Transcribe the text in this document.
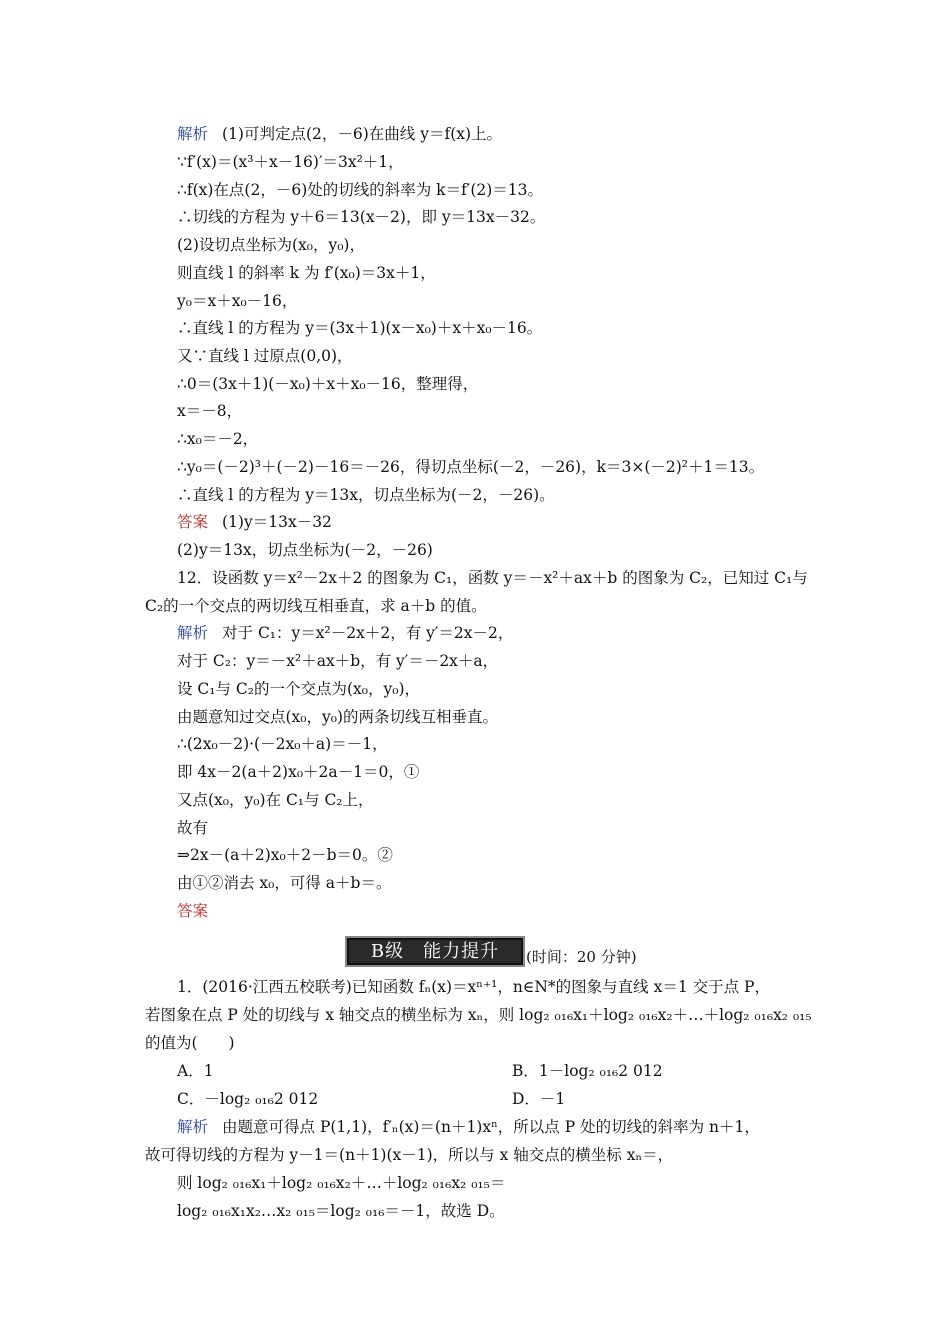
解析 (1)可判定点(2，－6)在曲线 y＝f(x)上。
∵f′(x)＝(x³＋x－16)′＝3x²＋1，
∴f(x)在点(2，－6)处的切线的斜率为 k＝f′(2)＝13。
∴切线的方程为 y＋6＝13(x－2)，即 y＝13x－32。
(2)设切点坐标为(x₀，y₀)，
则直线 l 的斜率 k 为 f′(x₀)＝3x＋1，
y₀＝x＋x₀－16，
∴直线 l 的方程为 y＝(3x＋1)(x－x₀)＋x＋x₀－16。
又∵直线 l 过原点(0,0)，
∴0＝(3x＋1)(－x₀)＋x＋x₀－16，整理得，
x＝－8，
∴x₀＝－2，
∴y₀＝(－2)³＋(－2)－16＝－26，得切点坐标(－2，－26)，k＝3×(－2)²＋1＝13。
∴直线 l 的方程为 y＝13x，切点坐标为(－2，－26)。
答案 (1)y＝13x－32
(2)y＝13x，切点坐标为(－2，－26)
12．设函数 y＝x²－2x＋2 的图象为 C₁，函数 y＝－x²＋ax＋b 的图象为 C₂，已知过 C₁与
C₂的一个交点的两切线互相垂直，求 a＋b 的值。
解析 对于 C₁：y＝x²－2x＋2，有 y′＝2x－2，
对于 C₂：y＝－x²＋ax＋b，有 y′＝－2x＋a，
设 C₁与 C₂的一个交点为(x₀，y₀)，
由题意知过交点(x₀，y₀)的两条切线互相垂直。
∴(2x₀－2)·(－2x₀＋a)＝－1，
即 4x－2(a＋2)x₀＋2a－1＝0，①
又点(x₀，y₀)在 C₁与 C₂上，
故有
⇒2x－(a＋2)x₀＋2－b＝0。②
由①②消去 x₀，可得 a＋b＝。
答案
B级　能力提升	(时间：20 分钟)
1．(2016·江西五校联考)已知函数 fₙ(x)＝xⁿ⁺¹，n∈N*的图象与直线 x＝1 交于点 P，
若图象在点 P 处的切线与 x 轴交点的横坐标为 xₙ，则 log₂ ₀₁₆x₁＋log₂ ₀₁₆x₂＋…＋log₂ ₀₁₆x₂ ₀₁₅
的值为(　　)
A．1	B．1－log₂ ₀₁₆2 012
C．－log₂ ₀₁₆2 012	D．－1
解析 由题意可得点 P(1,1)，f′ₙ(x)＝(n＋1)xⁿ，所以点 P 处的切线的斜率为 n＋1，
故可得切线的方程为 y－1＝(n＋1)(x－1)，所以与 x 轴交点的横坐标 xₙ＝，
则 log₂ ₀₁₆x₁＋log₂ ₀₁₆x₂＋…＋log₂ ₀₁₆x₂ ₀₁₅＝
log₂ ₀₁₆x₁x₂…x₂ ₀₁₅＝log₂ ₀₁₆＝－1，故选 D。
